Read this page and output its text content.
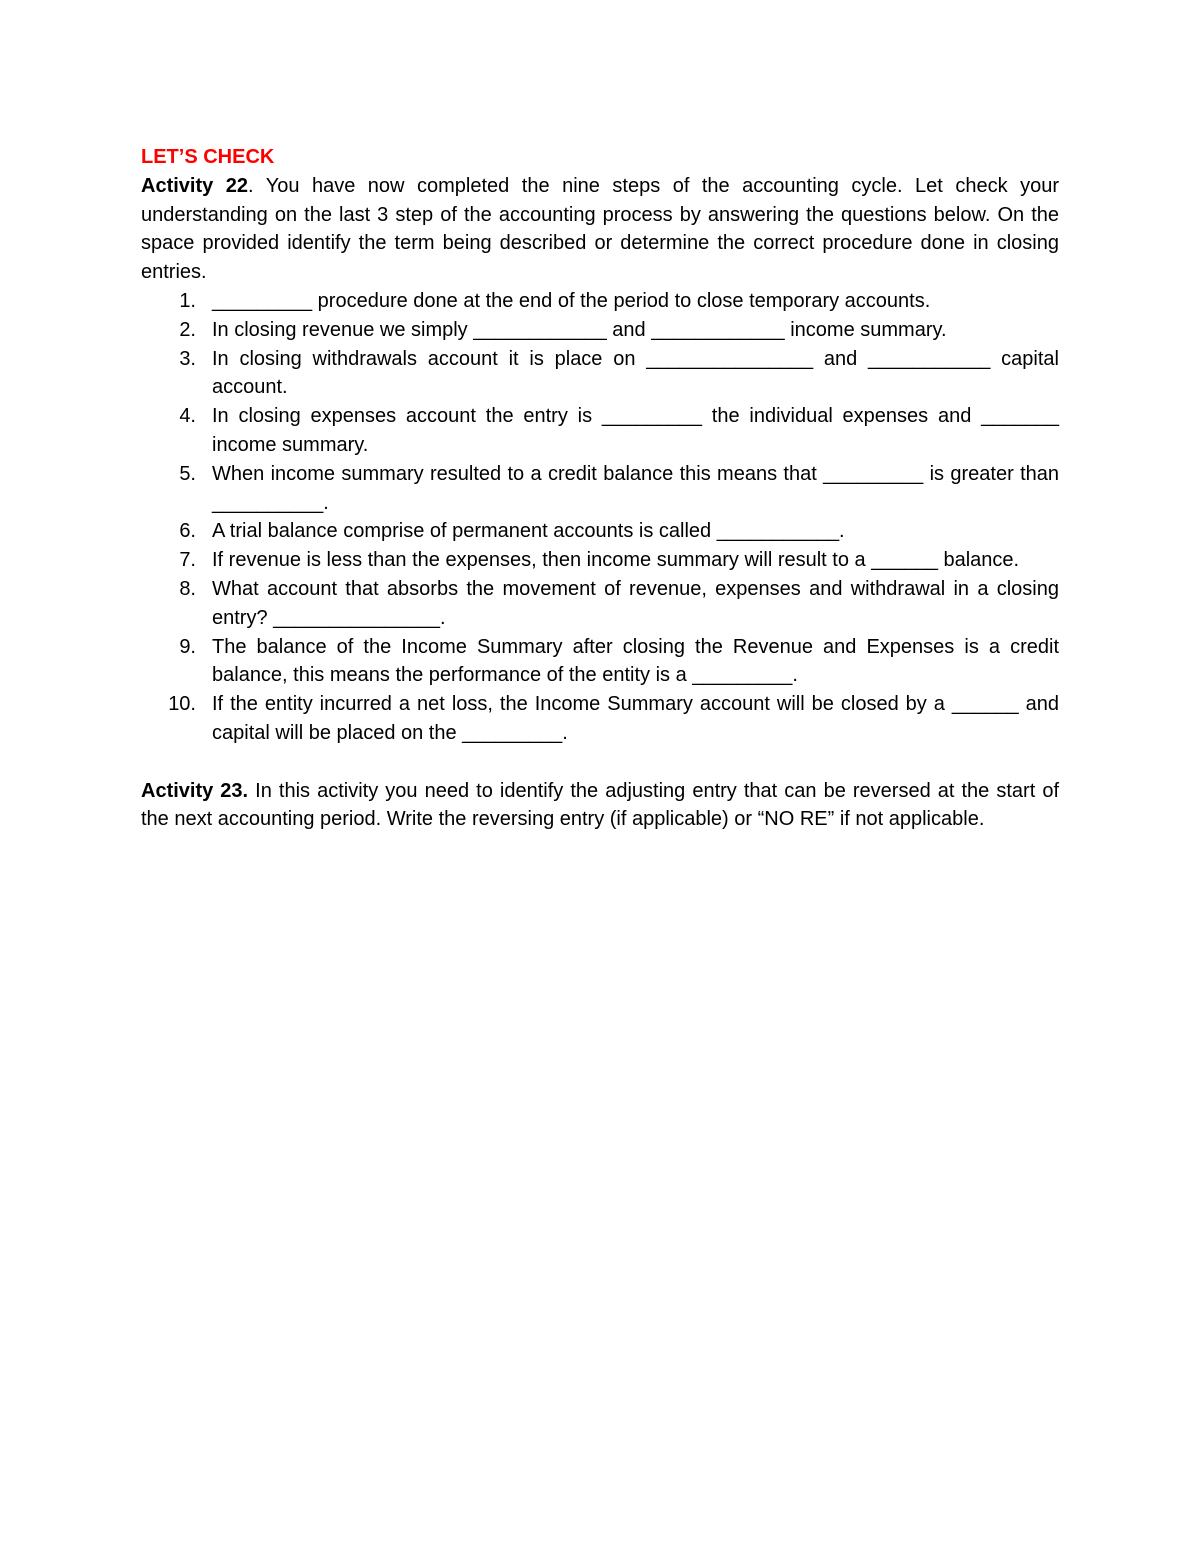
LET’S CHECK

Activity 22. You have now completed the nine steps of the accounting cycle. Let check your understanding on the last 3 step of the accounting process by answering the questions below. On the space provided identify the term being described or determine the correct procedure done in closing entries.

1. _________ procedure done at the end of the period to close temporary accounts.
2. In closing revenue we simply ____________ and ____________ income summary.
3. In closing withdrawals account it is place on _______________ and ___________ capital account.
4. In closing expenses account the entry is _________ the individual expenses and _______ income summary.
5. When income summary resulted to a credit balance this means that _________ is greater than __________.
6. A trial balance comprise of permanent accounts is called ___________.
7. If revenue is less than the expenses, then income summary will result to a ______ balance.
8. What account that absorbs the movement of revenue, expenses and withdrawal in a closing entry? _______________.
9. The balance of the Income Summary after closing the Revenue and Expenses is a credit balance, this means the performance of the entity is a _________.
10. If the entity incurred a net loss, the Income Summary account will be closed by a ______ and capital will be placed on the _________.

Activity 23. In this activity you need to identify the adjusting entry that can be reversed at the start of the next accounting period. Write the reversing entry (if applicable) or “NO RE” if not applicable.
